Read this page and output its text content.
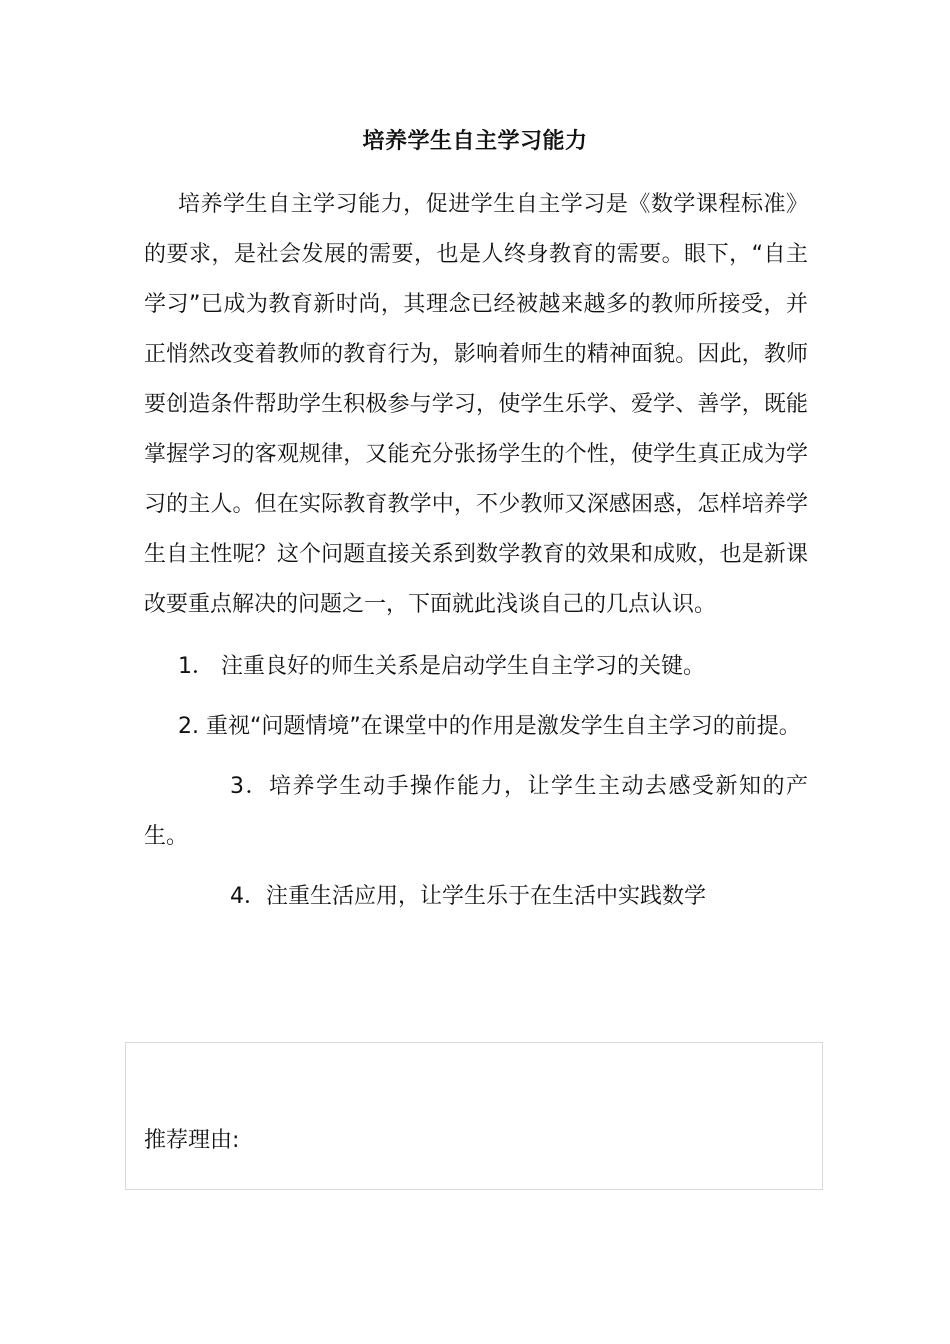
培养学生自主学习能力

培养学生自主学习能力，促进学生自主学习是《数学课程标准》的要求，是社会发展的需要，也是人终身教育的需要。眼下，“自主学习”已成为教育新时尚，其理念已经被越来越多的教师所接受，并正悄然改变着教师的教育行为，影响着师生的精神面貌。因此，教师要创造条件帮助学生积极参与学习，使学生乐学、爱学、善学，既能掌握学习的客观规律，又能充分张扬学生的个性，使学生真正成为学习的主人。但在实际教育教学中，不少教师又深感困惑，怎样培养学生自主性呢？这个问题直接关系到数学教育的效果和成败，也是新课改要重点解决的问题之一，下面就此浅谈自己的几点认识。

1． 注重良好的师生关系是启动学生自主学习的关键。

2. 重视“问题情境”在课堂中的作用是激发学生自主学习的前提。

3．培养学生动手操作能力，让学生主动去感受新知的产生。

4．注重生活应用，让学生乐于在生活中实践数学

推荐理由:
